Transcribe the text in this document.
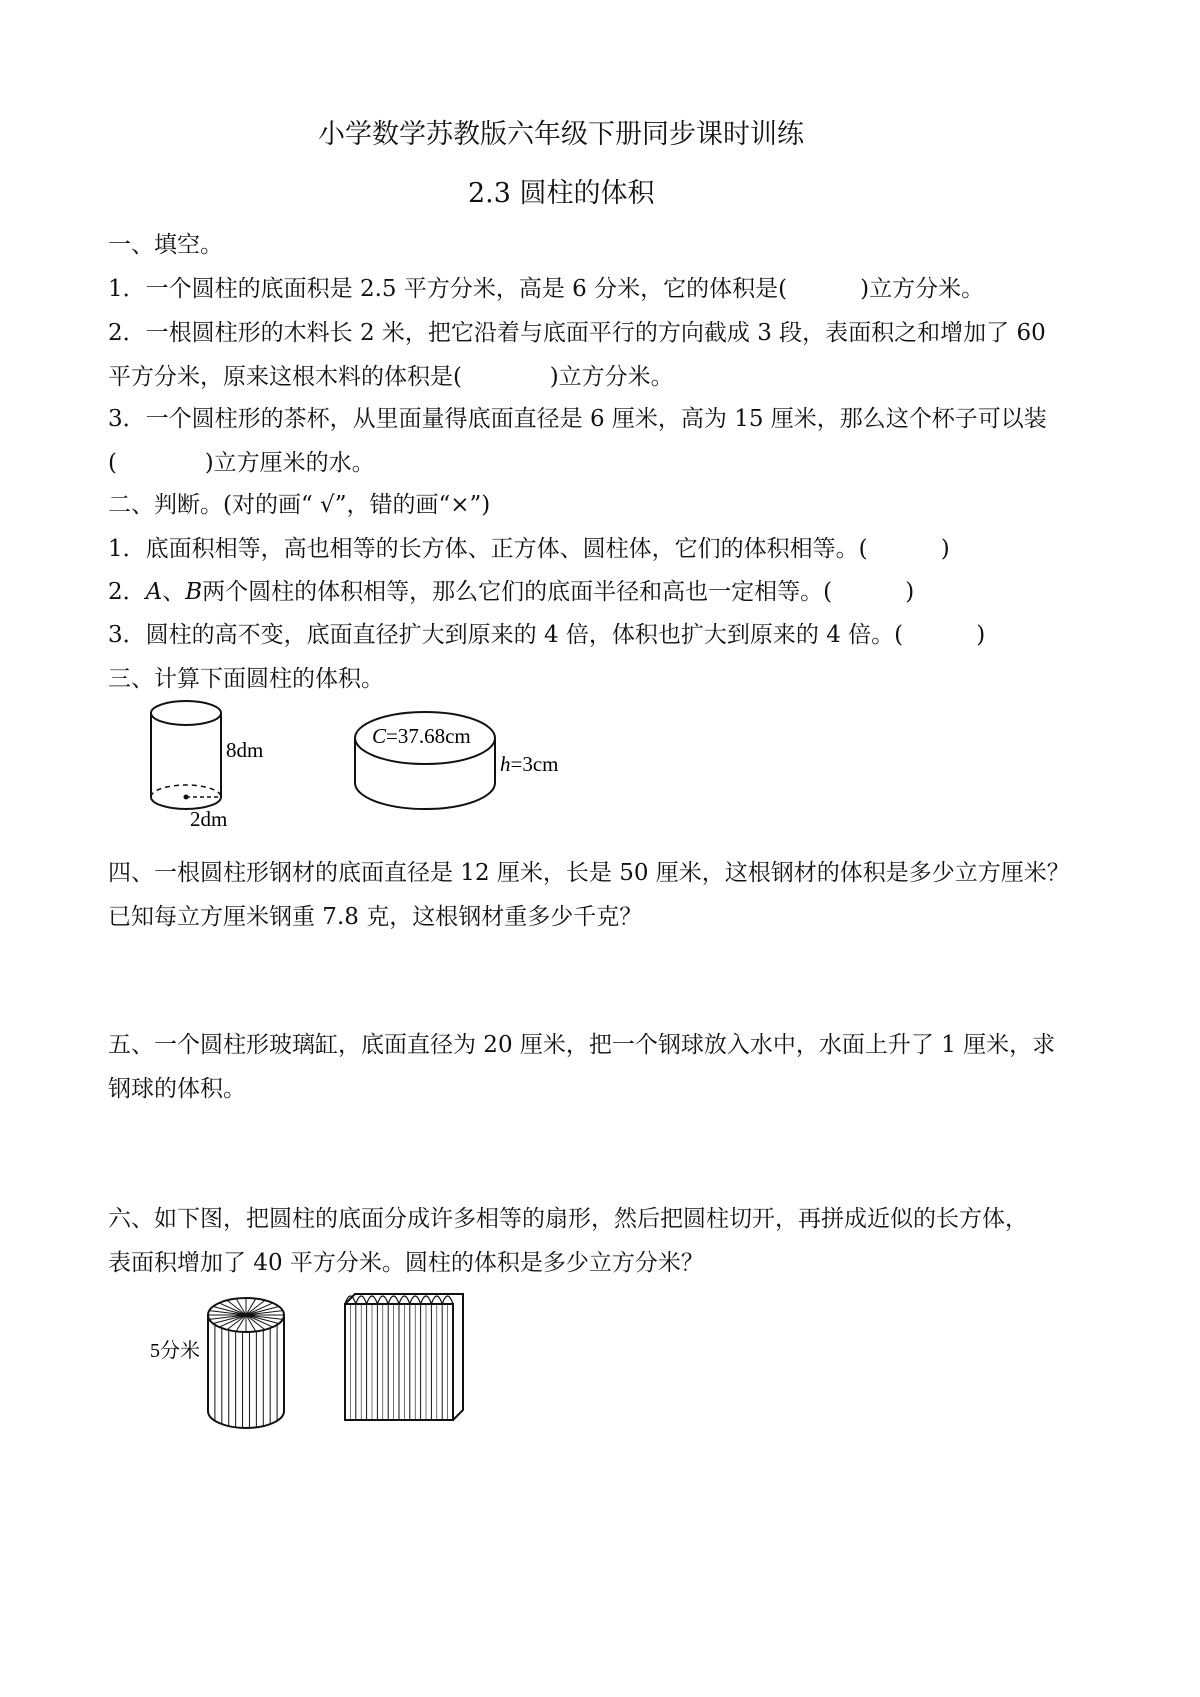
小学数学苏教版六年级下册同步课时训练
2.3 圆柱的体积
一、填空。
1．一个圆柱的底面积是 2.5 平方分米，高是 6 分米，它的体积是(          )立方分米。
2．一根圆柱形的木料长 2 米，把它沿着与底面平行的方向截成 3 段，表面积之和增加了 60
平方分米，原来这根木料的体积是(            )立方分米。
3．一个圆柱形的茶杯，从里面量得底面直径是 6 厘米，高为 15 厘米，那么这个杯子可以装
(            )立方厘米的水。
二、判断。(对的画“ √”，错的画“×”)
1．底面积相等，高也相等的长方体、正方体、圆柱体，它们的体积相等。(          )
2．A、B两个圆柱的体积相等，那么它们的底面半径和高也一定相等。(          )
3．圆柱的高不变，底面直径扩大到原来的 4 倍，体积也扩大到原来的 4 倍。(          )
三、计算下面圆柱的体积。
8dm
2dm
C=37.68cm
h=3cm
四、一根圆柱形钢材的底面直径是 12 厘米，长是 50 厘米，这根钢材的体积是多少立方厘米？
已知每立方厘米钢重 7.8 克，这根钢材重多少千克？
五、一个圆柱形玻璃缸，底面直径为 20 厘米，把一个钢球放入水中，水面上升了 1 厘米，求
钢球的体积。
六、如下图，把圆柱的底面分成许多相等的扇形，然后把圆柱切开，再拼成近似的长方体，
表面积增加了 40 平方分米。圆柱的体积是多少立方分米？
5分米
